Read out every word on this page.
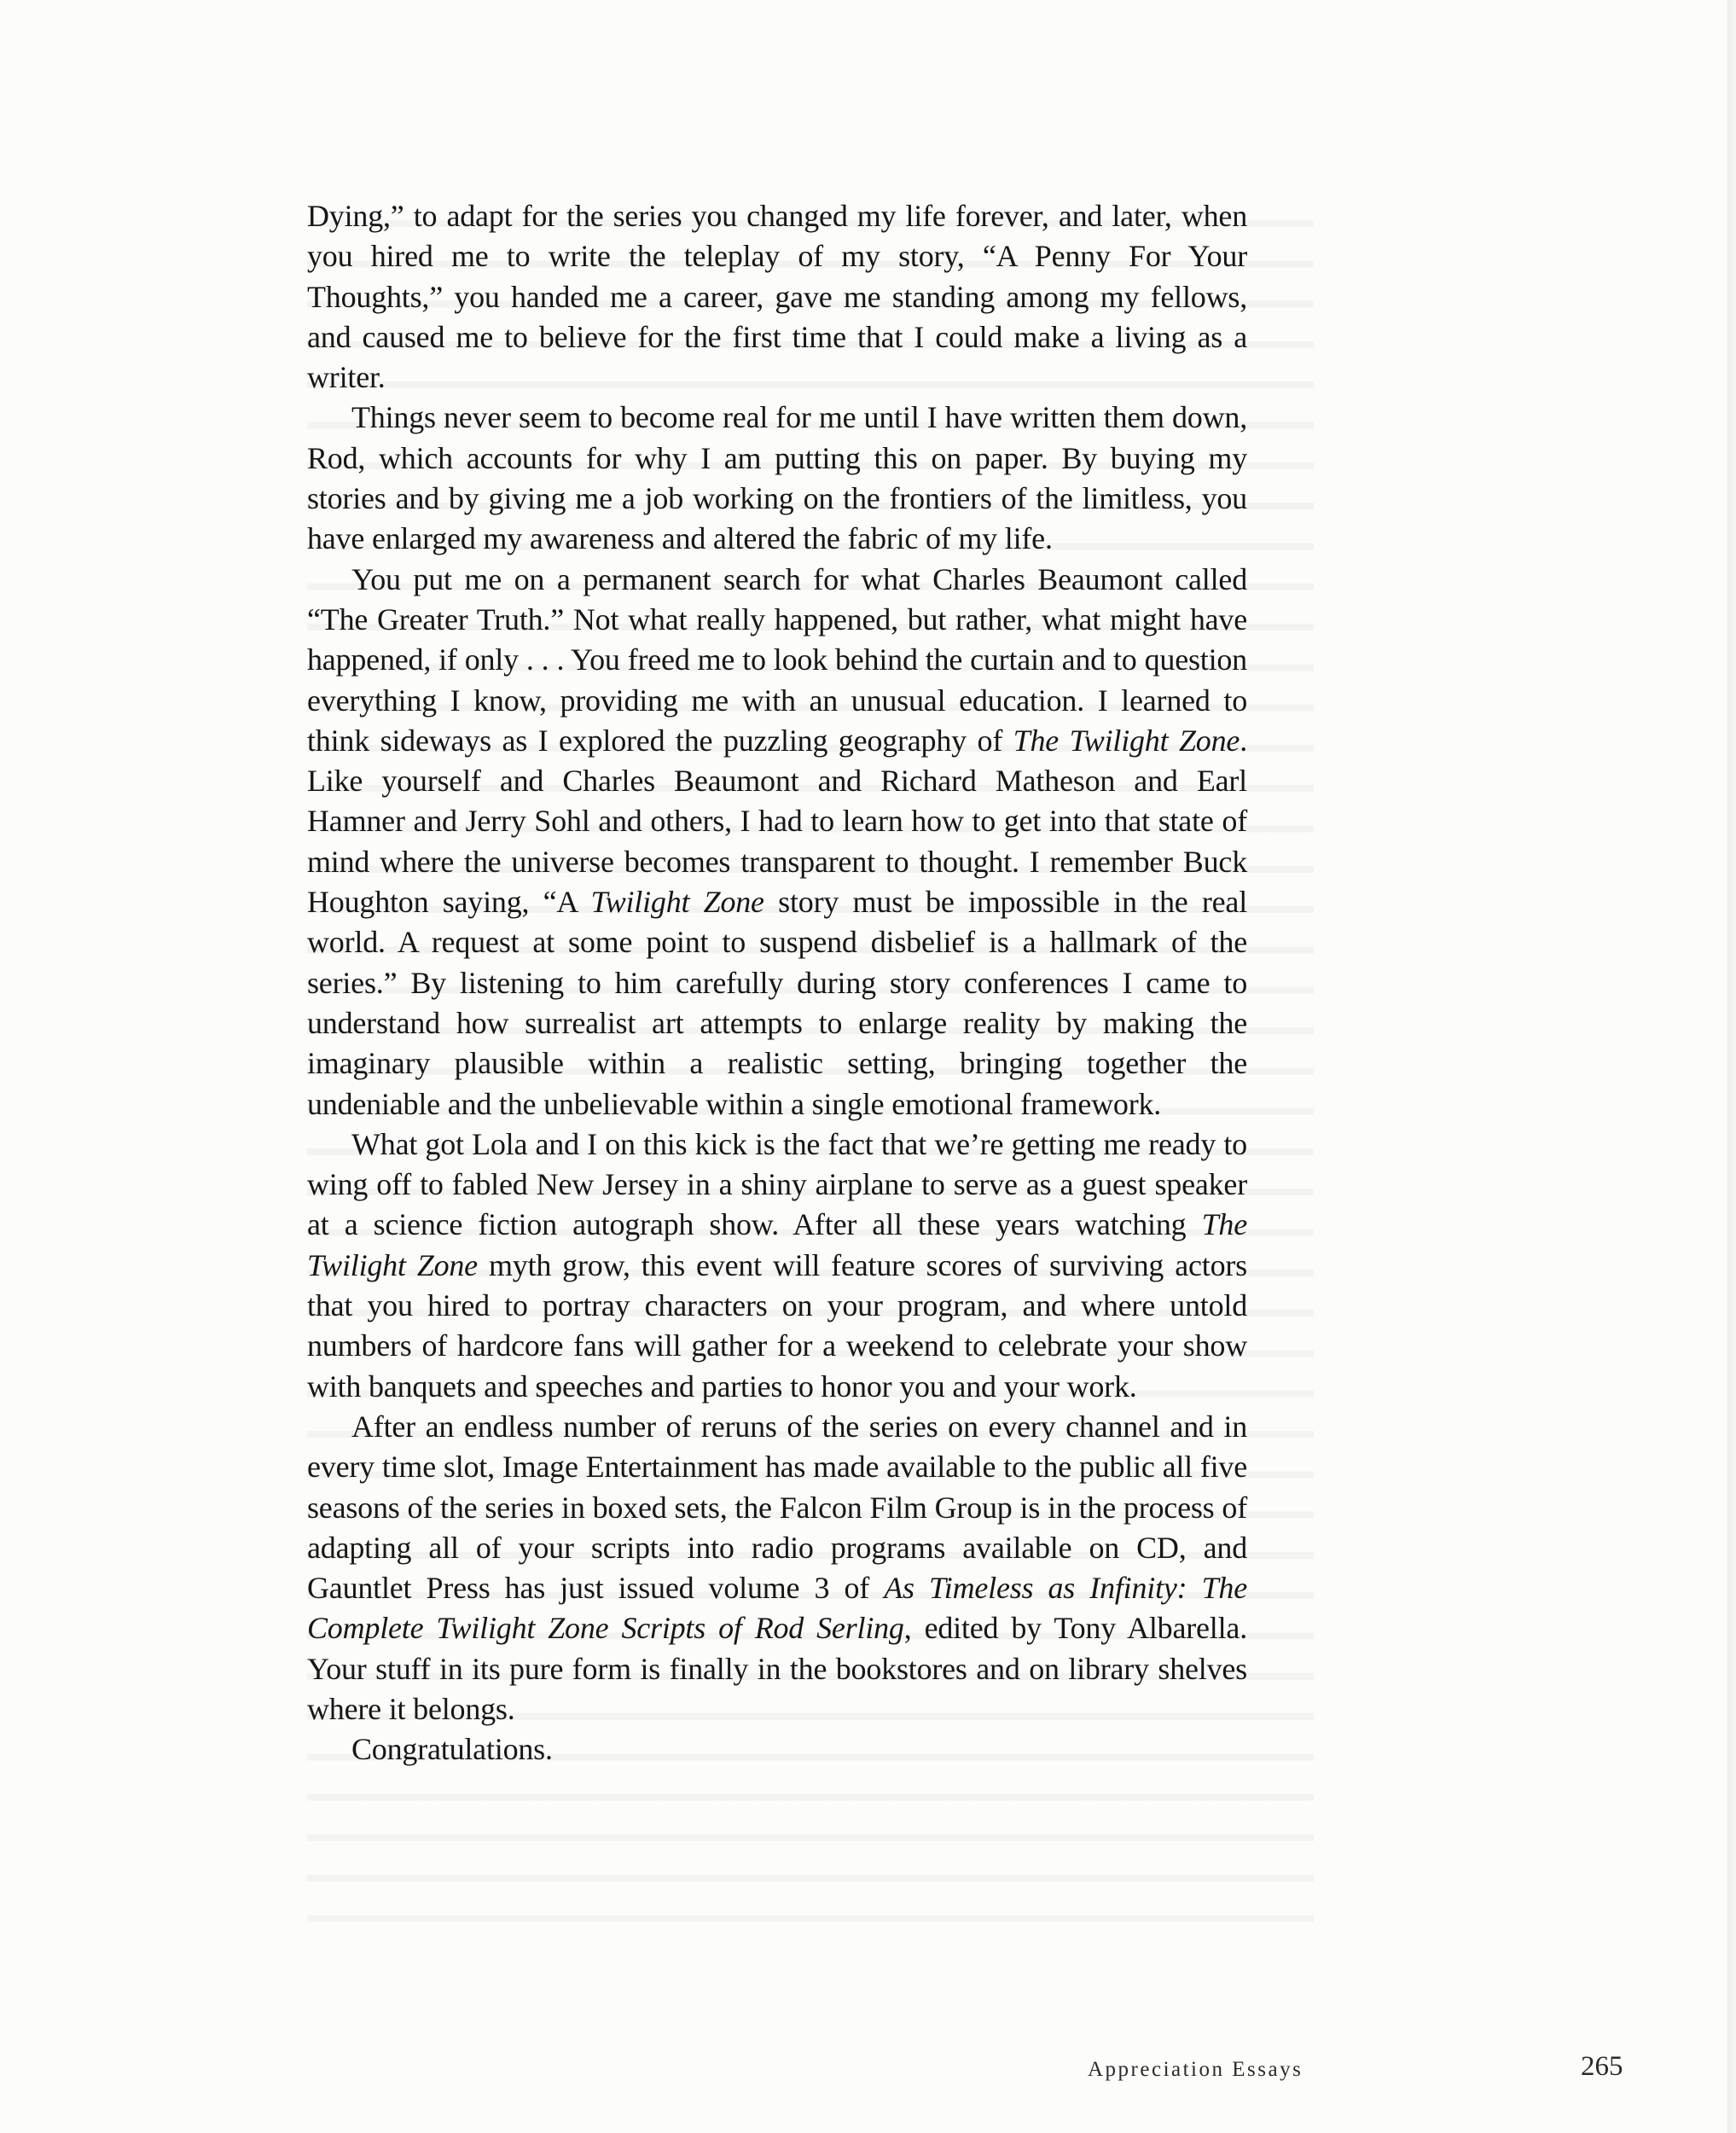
Dying,” to adapt for the series you changed my life forever, and later, when you hired me to write the teleplay of my story, “A Penny For Your Thoughts,” you handed me a career, gave me standing among my fellows, and caused me to believe for the first time that I could make a living as a writer.

Things never seem to become real for me until I have written them down, Rod, which accounts for why I am putting this on paper. By buying my stories and by giving me a job working on the frontiers of the limitless, you have enlarged my awareness and altered the fabric of my life.

You put me on a permanent search for what Charles Beaumont called “The Greater Truth.” Not what really happened, but rather, what might have happened, if only . . . You freed me to look behind the curtain and to question everything I know, providing me with an unusual education. I learned to think sideways as I explored the puzzling geography of The Twilight Zone. Like yourself and Charles Beaumont and Richard Matheson and Earl Hamner and Jerry Sohl and others, I had to learn how to get into that state of mind where the universe becomes transparent to thought. I remember Buck Houghton saying, “A Twilight Zone story must be impossible in the real world. A request at some point to suspend disbelief is a hallmark of the series.” By listening to him carefully during story conferences I came to understand how surrealist art attempts to enlarge reality by making the imaginary plausible within a realistic setting, bringing together the undeniable and the unbelievable within a single emotional framework.

What got Lola and I on this kick is the fact that we’re getting me ready to wing off to fabled New Jersey in a shiny airplane to serve as a guest speaker at a science fiction autograph show. After all these years watching The Twilight Zone myth grow, this event will feature scores of surviving actors that you hired to portray characters on your program, and where untold numbers of hardcore fans will gather for a weekend to celebrate your show with banquets and speeches and parties to honor you and your work.

After an endless number of reruns of the series on every channel and in every time slot, Image Entertainment has made available to the public all five seasons of the series in boxed sets, the Falcon Film Group is in the process of adapting all of your scripts into radio programs available on CD, and Gauntlet Press has just issued volume 3 of As Timeless as Infinity: The Complete Twilight Zone Scripts of Rod Serling, edited by Tony Albarella. Your stuff in its pure form is finally in the bookstores and on library shelves where it belongs.

Congratulations.

Appreciation Essays	265
